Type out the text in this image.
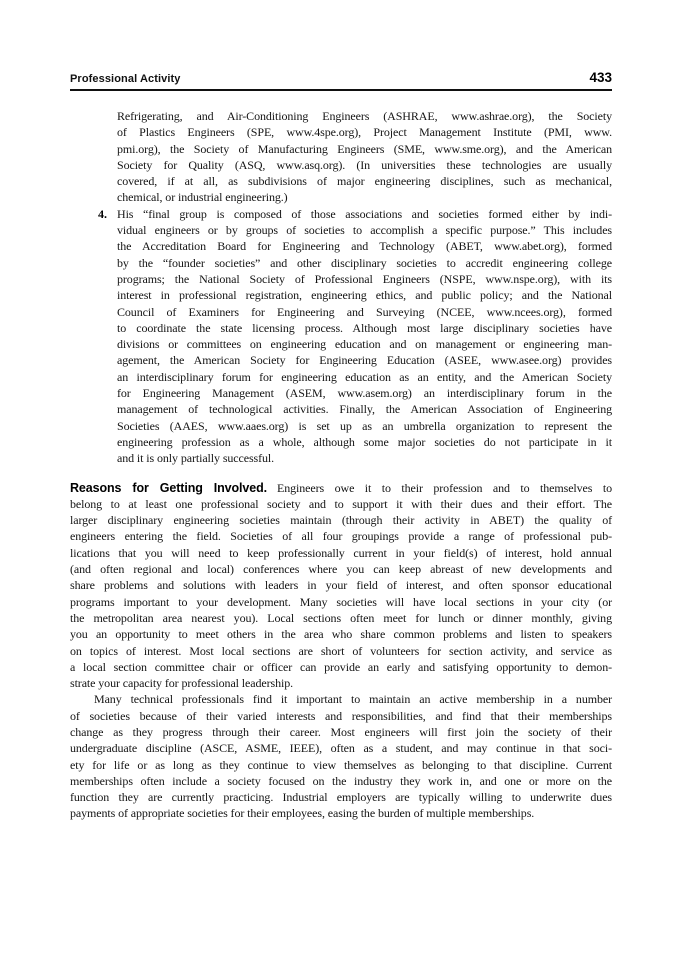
Professional Activity	433
Refrigerating, and Air-Conditioning Engineers (ASHRAE, www.ashrae.org), the Society
of Plastics Engineers (SPE, www.4spe.org), Project Management Institute (PMI, www.
pmi.org), the Society of Manufacturing Engineers (SME, www.sme.org), and the American
Society for Quality (ASQ, www.asq.org). (In universities these technologies are usually
covered, if at all, as subdivisions of major engineering disciplines, such as mechanical,
chemical, or industrial engineering.)
4. His “final group is composed of those associations and societies formed either by indi-
vidual engineers or by groups of societies to accomplish a specific purpose.” This includes
the Accreditation Board for Engineering and Technology (ABET, www.abet.org), formed
by the “founder societies” and other disciplinary societies to accredit engineering college
programs; the National Society of Professional Engineers (NSPE, www.nspe.org), with its
interest in professional registration, engineering ethics, and public policy; and the National
Council of Examiners for Engineering and Surveying (NCEE, www.ncees.org), formed
to coordinate the state licensing process. Although most large disciplinary societies have
divisions or committees on engineering education and on management or engineering man-
agement, the American Society for Engineering Education (ASEE, www.asee.org) provides
an interdisciplinary forum for engineering education as an entity, and the American Society
for Engineering Management (ASEM, www.asem.org) an interdisciplinary forum in the
management of technological activities. Finally, the American Association of Engineering
Societies (AAES, www.aaes.org) is set up as an umbrella organization to represent the
engineering profession as a whole, although some major societies do not participate in it
and it is only partially successful.
Reasons for Getting Involved. Engineers owe it to their profession and to themselves to
belong to at least one professional society and to support it with their dues and their effort. The
larger disciplinary engineering societies maintain (through their activity in ABET) the quality of
engineers entering the field. Societies of all four groupings provide a range of professional pub-
lications that you will need to keep professionally current in your field(s) of interest, hold annual
(and often regional and local) conferences where you can keep abreast of new developments and
share problems and solutions with leaders in your field of interest, and often sponsor educational
programs important to your development. Many societies will have local sections in your city (or
the metropolitan area nearest you). Local sections often meet for lunch or dinner monthly, giving
you an opportunity to meet others in the area who share common problems and listen to speakers
on topics of interest. Most local sections are short of volunteers for section activity, and service as
a local section committee chair or officer can provide an early and satisfying opportunity to demon-
strate your capacity for professional leadership.
Many technical professionals find it important to maintain an active membership in a number
of societies because of their varied interests and responsibilities, and find that their memberships
change as they progress through their career. Most engineers will first join the society of their
undergraduate discipline (ASCE, ASME, IEEE), often as a student, and may continue in that soci-
ety for life or as long as they continue to view themselves as belonging to that discipline. Current
memberships often include a society focused on the industry they work in, and one or more on the
function they are currently practicing. Industrial employers are typically willing to underwrite dues
payments of appropriate societies for their employees, easing the burden of multiple memberships.
